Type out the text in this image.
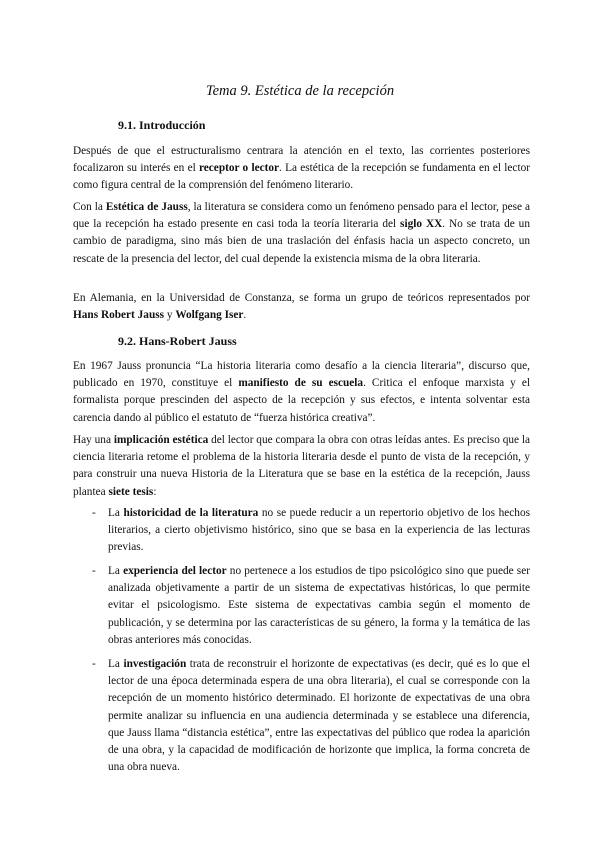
Tema 9. Estética de la recepción
9.1. Introducción

Después de que el estructuralismo centrara la atención en el texto, las corrientes posteriores focalizaron su interés en el receptor o lector. La estética de la recepción se fundamenta en el lector como figura central de la comprensión del fenómeno literario.

Con la Estética de Jauss, la literatura se considera como un fenómeno pensado para el lector, pese a que la recepción ha estado presente en casi toda la teoría literaria del siglo XX. No se trata de un cambio de paradigma, sino más bien de una traslación del énfasis hacia un aspecto concreto, un rescate de la presencia del lector, del cual depende la existencia misma de la obra literaria.

En Alemania, en la Universidad de Constanza, se forma un grupo de teóricos representados por Hans Robert Jauss y Wolfgang Iser.

9.2. Hans-Robert Jauss

En 1967 Jauss pronuncia “La historia literaria como desafío a la ciencia literaria”, discurso que, publicado en 1970, constituye el manifiesto de su escuela. Critica el enfoque marxista y el formalista porque prescinden del aspecto de la recepción y sus efectos, e intenta solventar esta carencia dando al público el estatuto de “fuerza histórica creativa”.

Hay una implicación estética del lector que compara la obra con otras leídas antes. Es preciso que la ciencia literaria retome el problema de la historia literaria desde el punto de vista de la recepción, y para construir una nueva Historia de la Literatura que se base en la estética de la recepción, Jauss plantea siete tesis:

- La historicidad de la literatura no se puede reducir a un repertorio objetivo de los hechos literarios, a cierto objetivismo histórico, sino que se basa en la experiencia de las lecturas previas.

- La experiencia del lector no pertenece a los estudios de tipo psicológico sino que puede ser analizada objetivamente a partir de un sistema de expectativas históricas, lo que permite evitar el psicologismo. Este sistema de expectativas cambia según el momento de publicación, y se determina por las características de su género, la forma y la temática de las obras anteriores más conocidas.

- La investigación trata de reconstruir el horizonte de expectativas (es decir, qué es lo que el lector de una época determinada espera de una obra literaria), el cual se corresponde con la recepción de un momento histórico determinado. El horizonte de expectativas de una obra permite analizar su influencia en una audiencia determinada y se establece una diferencia, que Jauss llama “distancia estética”, entre las expectativas del público que rodea la aparición de una obra, y la capacidad de modificación de horizonte que implica, la forma concreta de una obra nueva.
